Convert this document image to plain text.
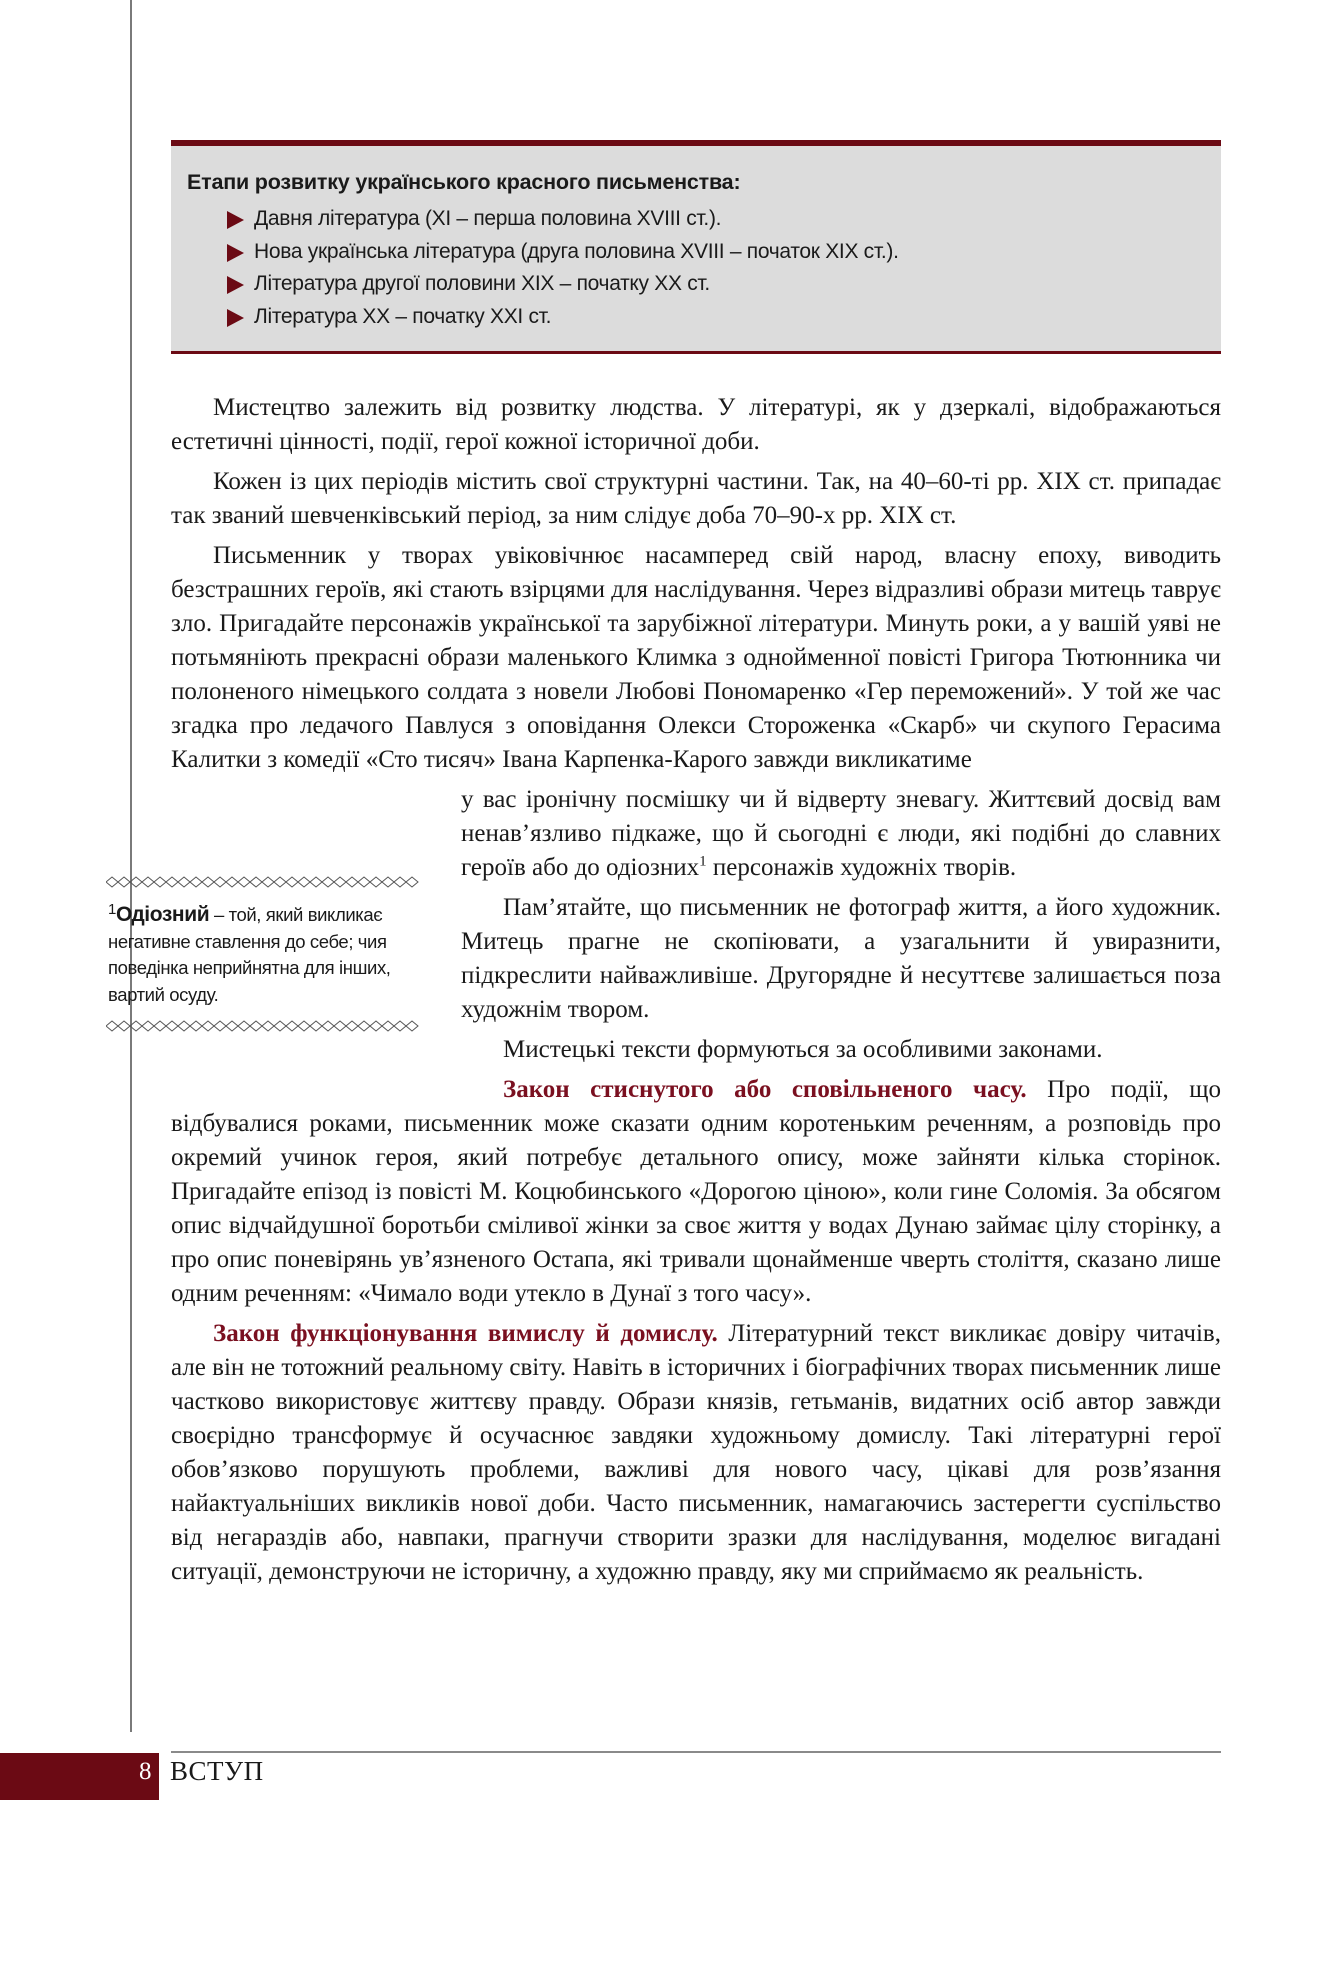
Етапи розвитку українського красного письменства:
Давня література (XI – перша половина XVIII ст.).
Нова українська література (друга половина XVIII – початок XIX ст.).
Література другої половини XIX – початку XX ст.
Література XX – початку XXI ст.

Мистецтво залежить від розвитку людства. У літературі, як у дзеркалі, відображаються естетичні цінності, події, герої кожної історичної доби.

Кожен із цих періодів містить свої структурні частини. Так, на 40–60-ті рр. XIX ст. припадає так званий шевченківський період, за ним слідує доба 70–90-х рр. XIX ст.

Письменник у творах увіковічнює насамперед свій народ, власну епоху, виводить безстрашних героїв, які стають взірцями для наслідування. Через відразливі образи митець таврує зло. Пригадайте персонажів української та зарубіжної літератури. Минуть роки, а у вашій уяві не потьмяніють прекрасні образи маленького Климка з однойменної повісті Григора Тютюнника чи полоненого німецького солдата з новели Любові Пономаренко «Гер переможений». У той же час згадка про ледачого Павлуся з оповідання Олекси Стороженка «Скарб» чи скупого Герасима Калитки з комедії «Сто тисяч» Івана Карпенка-Карого завжди викликатиме

у вас іронічну посмішку чи й відверту зневагу. Життєвий досвід вам ненав’язливо підкаже, що й сьогодні є люди, які подібні до славних героїв або до одіозних$^1$ персонажів художніх творів.

Пам’ятайте, що письменник не фотограф життя, а його художник. Митець прагне не скопіювати, а узагальнити й увиразнити, підкреслити найважливіше. Другорядне й несуттєве залишається поза художнім твором.

Мистецькі тексти формуються за особливими законами.

Закон стиснутого або сповільненого часу. Про події, що відбувалися роками, письменник може сказати одним коротеньким реченням, а розповідь про окремий учинок героя, який потребує детального опису, може зайняти кілька сторінок. Пригадайте епізод із повісті М. Коцюбинського «Дорогою ціною», коли гине Соломія. За обсягом опис відчайдушної боротьби сміливої жінки за своє життя у водах Дунаю займає цілу сторінку, а про опис поневірянь ув’язненого Остапа, які тривали щонайменше чверть століття, сказано лише одним реченням: «Чимало води утекло в Дунаї з того часу».

Закон функціонування вимислу й домислу. Літературний текст викликає довіру читачів, але він не тотожний реальному світу. Навіть в історичних і біографічних творах письменник лише частково використовує життєву правду. Образи князів, гетьманів, видатних осіб автор завжди своєрідно трансформує й осучаснює завдяки художньому домислу. Такі літературні герої обов’язково порушують проблеми, важливі для нового часу, цікаві для розв’язання найактуальніших викликів нової доби. Часто письменник, намагаючись застерегти суспільство від негараздів або, навпаки, прагнучи створити зразки для наслідування, моделює вигадані ситуації, демонструючи не історичну, а художню правду, яку ми сприймаємо як реальність.

$^1$Одіозний – той, який викликає негативне ставлення до себе; чия поведінка неприйнятна для інших, вартий осуду.
8 ВСТУП
